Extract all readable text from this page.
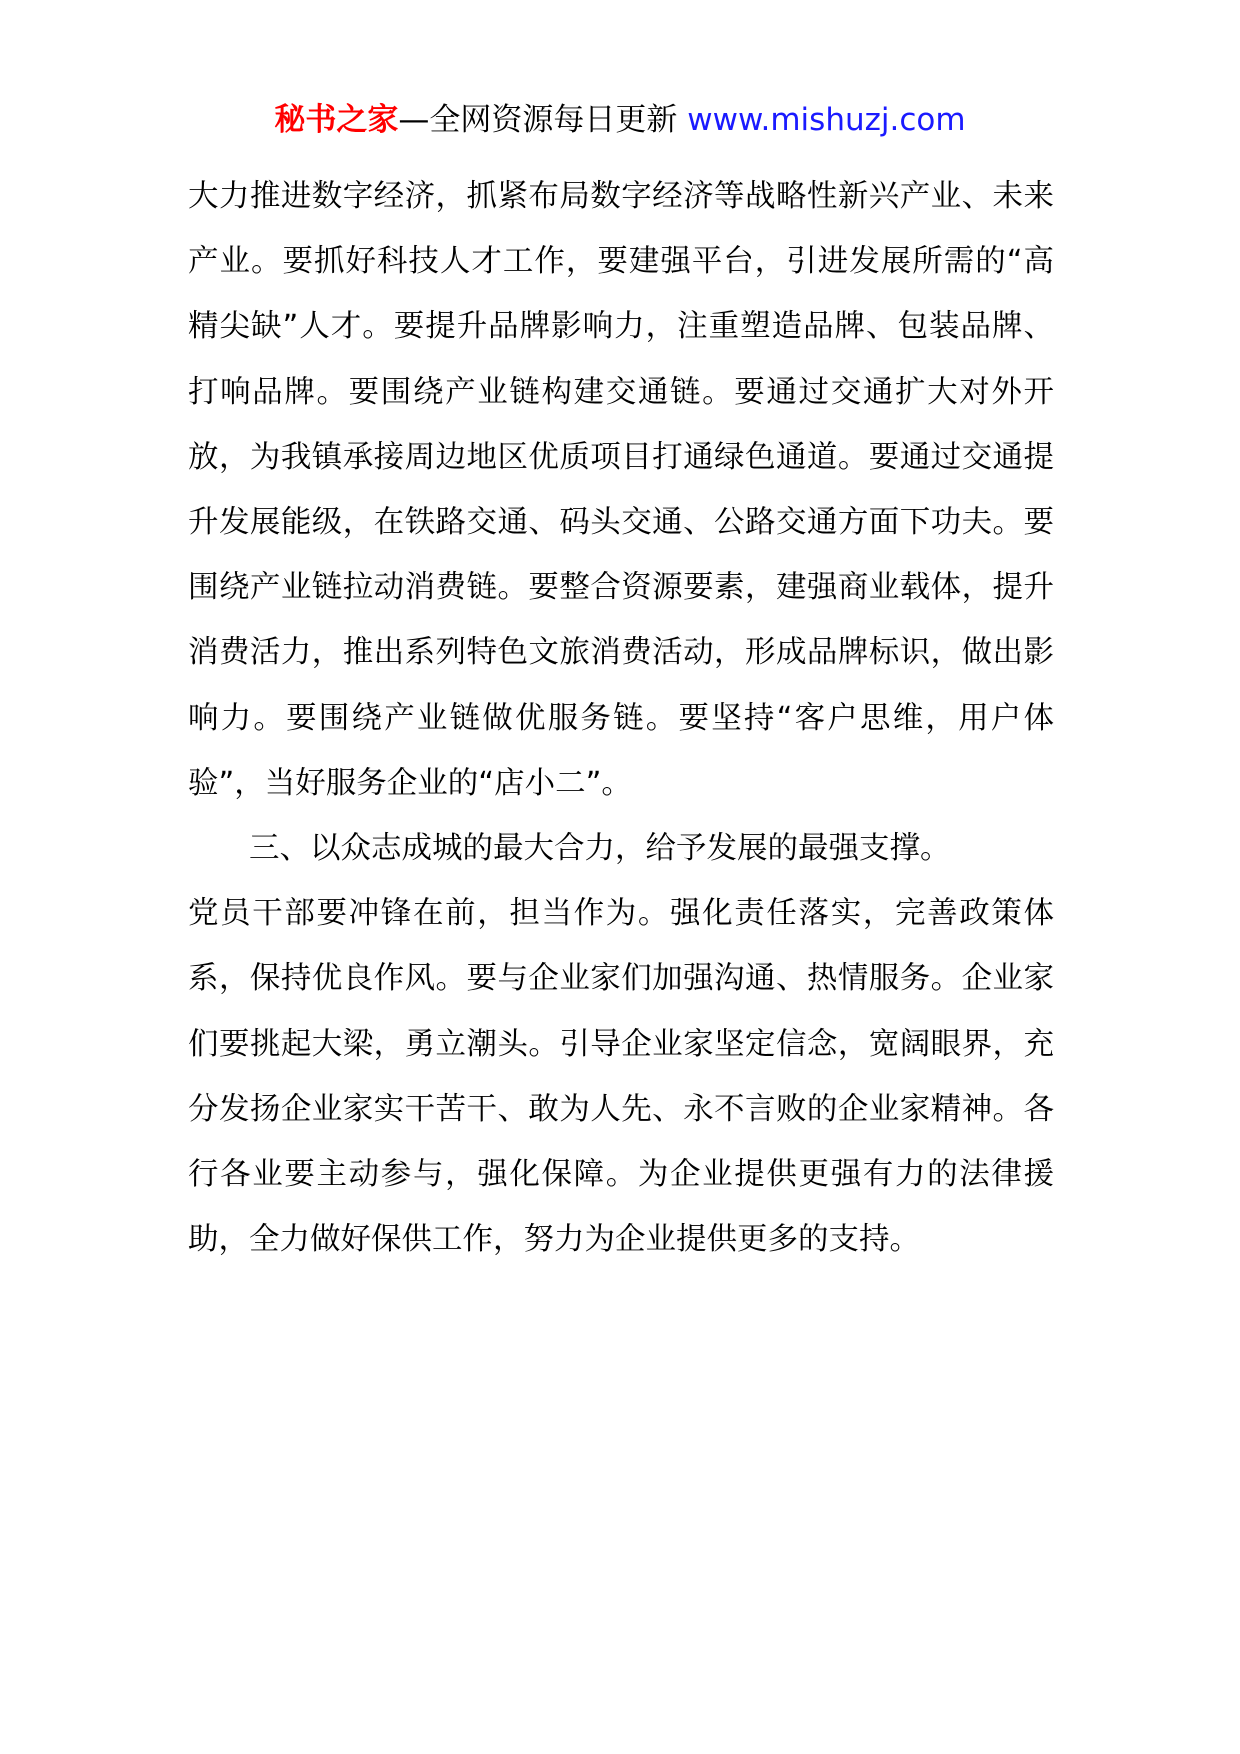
秘书之家—全网资源每日更新 www.mishuzj.com

大力推进数字经济，抓紧布局数字经济等战略性新兴产业、未来产业。要抓好科技人才工作，要建强平台，引进发展所需的“高精尖缺”人才。要提升品牌影响力，注重塑造品牌、包装品牌、打响品牌。要围绕产业链构建交通链。要通过交通扩大对外开放，为我镇承接周边地区优质项目打通绿色通道。要通过交通提升发展能级，在铁路交通、码头交通、公路交通方面下功夫。要围绕产业链拉动消费链。要整合资源要素，建强商业载体，提升消费活力，推出系列特色文旅消费活动，形成品牌标识，做出影响力。要围绕产业链做优服务链。要坚持“客户思维，用户体验”，当好服务企业的“店小二”。

三、以众志成城的最大合力，给予发展的最强支撑。

党员干部要冲锋在前，担当作为。强化责任落实，完善政策体系，保持优良作风。要与企业家们加强沟通、热情服务。企业家们要挑起大梁，勇立潮头。引导企业家坚定信念，宽阔眼界，充分发扬企业家实干苦干、敢为人先、永不言败的企业家精神。各行各业要主动参与，强化保障。为企业提供更强有力的法律援助，全力做好保供工作，努力为企业提供更多的支持。
